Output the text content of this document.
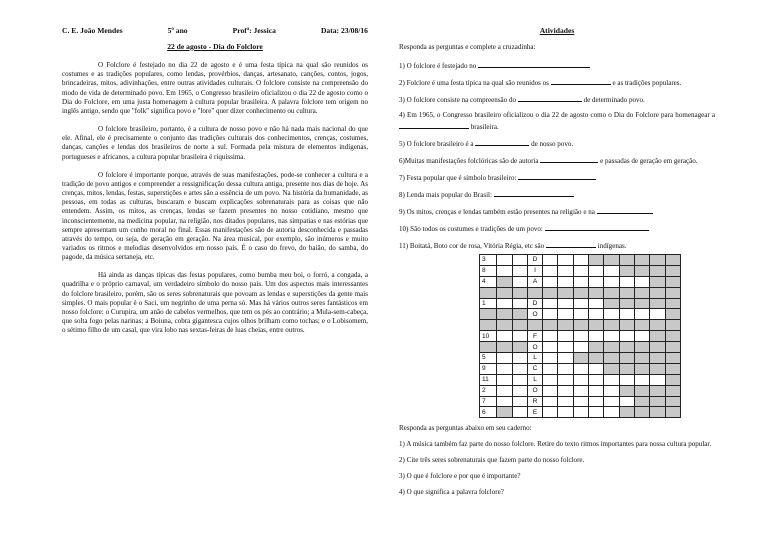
C. E. João Mendes	5º ano	Profª: Jessica	Data: 23/08/16
22 de agosto - Dia do Folclore

O Folclore é festejado no dia 22 de agosto e é uma festa típica na qual são reunidos os costumes e as tradições populares, como lendas, provérbios, danças, artesanato, canções, contos, jogos, brincadeiras, mitos, adivinhações, entre outras atividades culturais. O folclore consiste na compreensão do modo de vida de determinado povo. Em 1965, o Congresso brasileiro oficializou o dia 22 de agosto como o Dia do Folclore, em uma justa homenagem à cultura popular brasileira. A palavra folclore tem origem no inglês antigo, sendo que "folk" significa povo e "lore" quer dizer conhecimento ou cultura.

O folclore brasileiro, portanto, é a cultura de nosso povo e não há nada mais nacional do que ele. Afinal, ele é precisamente o conjunto das tradições culturais dos conhecimentos, crenças, costumes, danças, canções e lendas dos brasileiros de norte a sul. Formada pela mistura de elementos indígenas, portugueses e africanos, a cultura popular brasileira é riquíssima.

O folclore é importante porque, através de suas manifestações, pode-se conhecer a cultura e a tradição de povo antigos e compreender a ressignificação dessa cultura antiga, presente nos dias de hoje. As crenças, mitos, lendas, festas, superstições e artes são a essência de um povo. Na história da humanidade, as pessoas, em todas as culturas, buscaram e buscam explicações sobrenaturais para as coisas que não entendem. Assim, os mitos, as crenças, lendas se fazem presentes no nosso cotidiano, mesmo que inconscientemente, na medicina popular, na religião, nos ditados populares, nas simpatias e nas estórias que sempre apresentam um cunho moral no final. Essas manifestações são de autoria desconhecida e passadas através do tempo, ou seja, de geração em geração. Na área musical, por exemplo, são inúmeros e muito variados os ritmos e melodias desenvolvidos em nosso país. É o caso do frevo, do baião, do samba, do pagode, da música sertaneja, etc.

Há ainda as danças típicas das festas populares, como bumba meu boi, o forró, a congada, a quadrilha e o próprio carnaval, um verdadeiro símbolo do nosso país. Um dos aspectos mais interessantes do folclore brasileiro, porém, são os seres sobrenaturais que povoam as lendas e superstições da gente mais simples. O mais popular é o Saci, um negrinho de uma perna só. Mas há vários outros seres fantásticos em nosso folclore: o Curupira, um anão de cabelos vermelhos, que tem os pés ao contrário; a Mula-sem-cabeça, que solta fogo pelas narinas; a Boiuna, cobra gigantesca cujos olhos brilham como tochas; e o Lobisomem, o sétimo filho de um casal, que vira lobo nas sextas-feiras de luas cheias, entre outros.

Atividades
Responda as perguntas e complete a cruzadinha:
1) O folclore é festejado no
2) Folclore é uma festa típica na qual são reunidos os	e as tradições populares.
3) O folclore consiste na compreensão do	de determinado povo.
4) Em 1965, o Congresso brasileiro oficializou o dia 22 de agosto como o Dia do Folclore para homenagear a  brasileira.
5) O folclore brasileiro é a	de nosso povo.
6)Muitas manifestações folclóricas são de autoria	e passadas de geração em geração.
7) Festa popular que é símbolo brasileiro:
8) Lenda mais popular do Brasil:
9) Os mitos, crenças e lendas também estão presentes na religião e na
10) São todos os costumes e tradições de um povo:
11) Boitatá, Boto cor de rosa, Vitória Régia, etc são	indígenas.
3			D									
8			I									
4			A									

1			D									
			O									

10			F									
			O									
5			L									
9			C									
11			L									
2			O									
7			R									
6			E									

Responda as perguntas abaixo em seu caderno:

1) A música também faz parte do nosso folclore. Retire do texto ritmos importantes para nossa cultura popular.

2) Cite três seres sobrenaturais que fazem parte do nosso folclore.

3) O que é folclore e por que é importante?

4) O que significa a palavra folclore?
